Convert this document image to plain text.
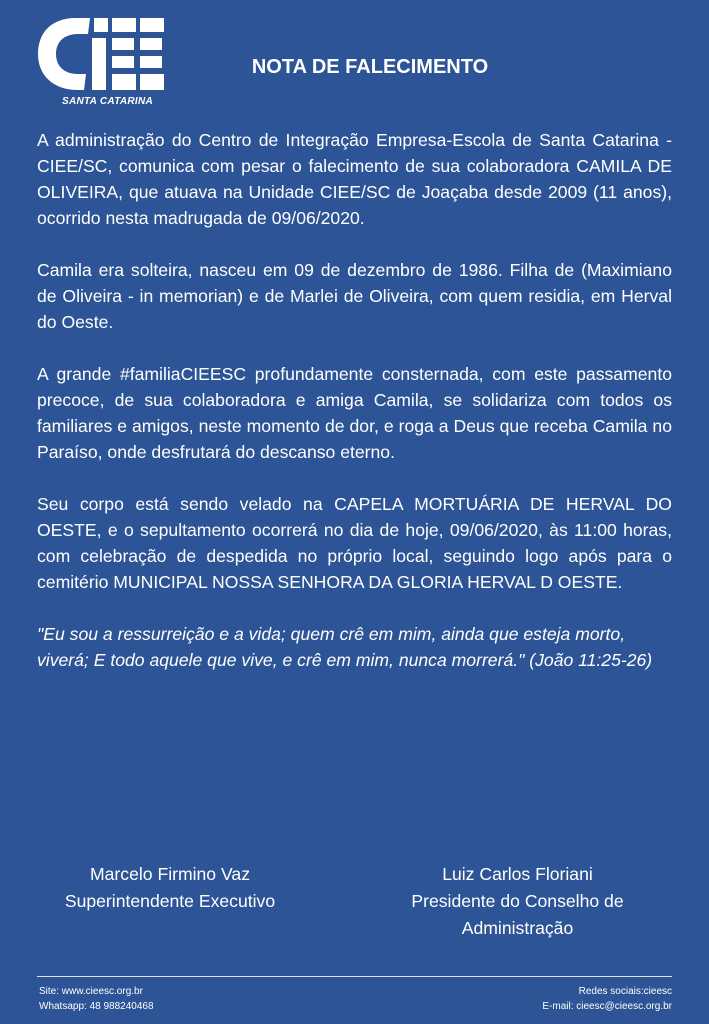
SANTA CATARINA
NOTA DE FALECIMENTO

A administração do Centro de Integração Empresa-Escola de Santa Catarina - CIEE/SC, comunica com pesar o falecimento de sua colaboradora CAMILA DE OLIVEIRA, que atuava na Unidade CIEE/SC de Joaçaba desde 2009 (11 anos), ocorrido nesta madrugada de 09/06/2020.

Camila era solteira, nasceu em 09 de dezembro de 1986. Filha de (Maximiano de Oliveira - in memorian) e de Marlei de Oliveira, com quem residia, em Herval do Oeste.

A grande #familiaCIEESC profundamente consternada, com este passamento precoce, de sua colaboradora e amiga Camila, se solidariza com todos os familiares e amigos, neste momento de dor, e roga a Deus que receba Camila no Paraíso, onde desfrutará do descanso eterno.

Seu corpo está sendo velado na CAPELA MORTUÁRIA DE HERVAL DO OESTE, e o sepultamento ocorrerá no dia de hoje, 09/06/2020, às 11:00 horas, com celebração de despedida no próprio local, seguindo logo após para o cemitério MUNICIPAL NOSSA SENHORA DA GLORIA HERVAL D OESTE.

"Eu sou a ressurreição e a vida; quem crê em mim, ainda que esteja morto, viverá; E todo aquele que vive, e crê em mim, nunca morrerá." (João 11:25-26)

Marcelo Firmino Vaz
Superintendente Executivo
Luiz Carlos Floriani
Presidente do Conselho de
Administração
Site: www.cieesc.org.br
Whatsapp: 48 988240468
Redes sociais:cieesc
E-mail: cieesc@ciеesc.org.br
